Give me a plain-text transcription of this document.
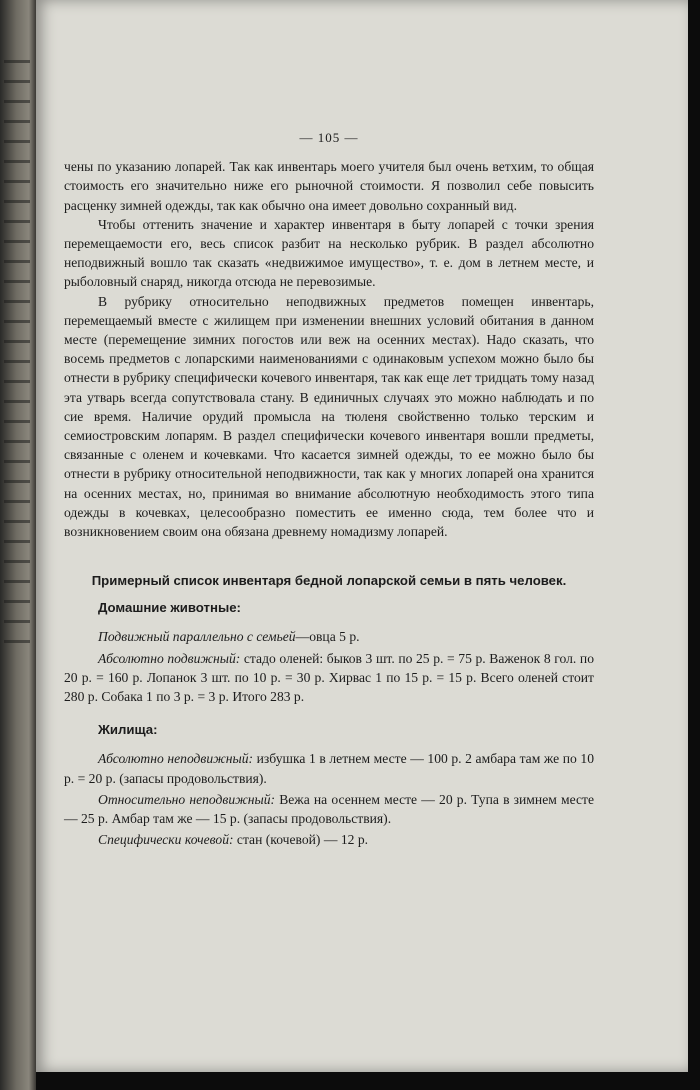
— 105 —

чены по указанию лопарей. Так как инвентарь моего учителя был очень ветхим, то общая стоимость его значительно ниже его рыночной стоимости. Я позволил себе повысить расценку зимней одежды, так как обычно она имеет довольно сохранный вид.

Чтобы оттенить значение и характер инвентаря в быту лопарей с точки зрения перемещаемости его, весь список разбит на несколько рубрик. В раздел абсолютно неподвижный вошло так сказать «недвижимое имущество», т. е. дом в летнем месте, и рыболовный снаряд, никогда отсюда не перевозимые.

В рубрику относительно неподвижных предметов помещен инвентарь, перемещаемый вместе с жилищем при изменении внешних условий обитания в данном месте (перемещение зимних погостов или веж на осенних местах). Надо сказать, что восемь предметов с лопарскими наименованиями с одинаковым успехом можно было бы отнести в рубрику специфически кочевого инвентаря, так как еще лет тридцать тому назад эта утварь всегда сопутствовала стану. В единичных случаях это можно наблюдать и по сие время. Наличие орудий промысла на тюленя свойственно только терским и семиостровским лопарям. В раздел специфически кочевого инвентаря вошли предметы, связанные с оленем и кочевками. Что касается зимней одежды, то ее можно было бы отнести в рубрику относительной неподвижности, так как у многих лопарей она хранится на осенних местах, но, принимая во внимание абсолютную необходимость этого типа одежды в кочевках, целесообразно поместить ее именно сюда, тем более что и возникновением своим она обязана древнему номадизму лопарей.

Примерный список инвентаря бедной лопарской семьи в пять человек.
Домашние животные:

Подвижный параллельно с семьей—овца 5 р.

Абсолютно подвижный: стадо оленей: быков 3 шт. по 25 р. = 75 р. Важенок 8 гол. по 20 р. = 160 р. Лопанок 3 шт. по 10 р. = 30 р. Хирвас 1 по 15 р. = 15 р. Всего оленей стоит 280 р. Собака 1 по 3 р. = 3 р. Итого 283 р.

Жилища:

Абсолютно неподвижный: избушка 1 в летнем месте — 100 р. 2 амбара там же по 10 р. = 20 р. (запасы продовольствия).

Относительно неподвижный: Вежа на осеннем месте — 20 р. Тупа в зимнем месте — 25 р. Амбар там же — 15 р. (запасы продовольствия).

Специфически кочевой: стан (кочевой) — 12 р.
